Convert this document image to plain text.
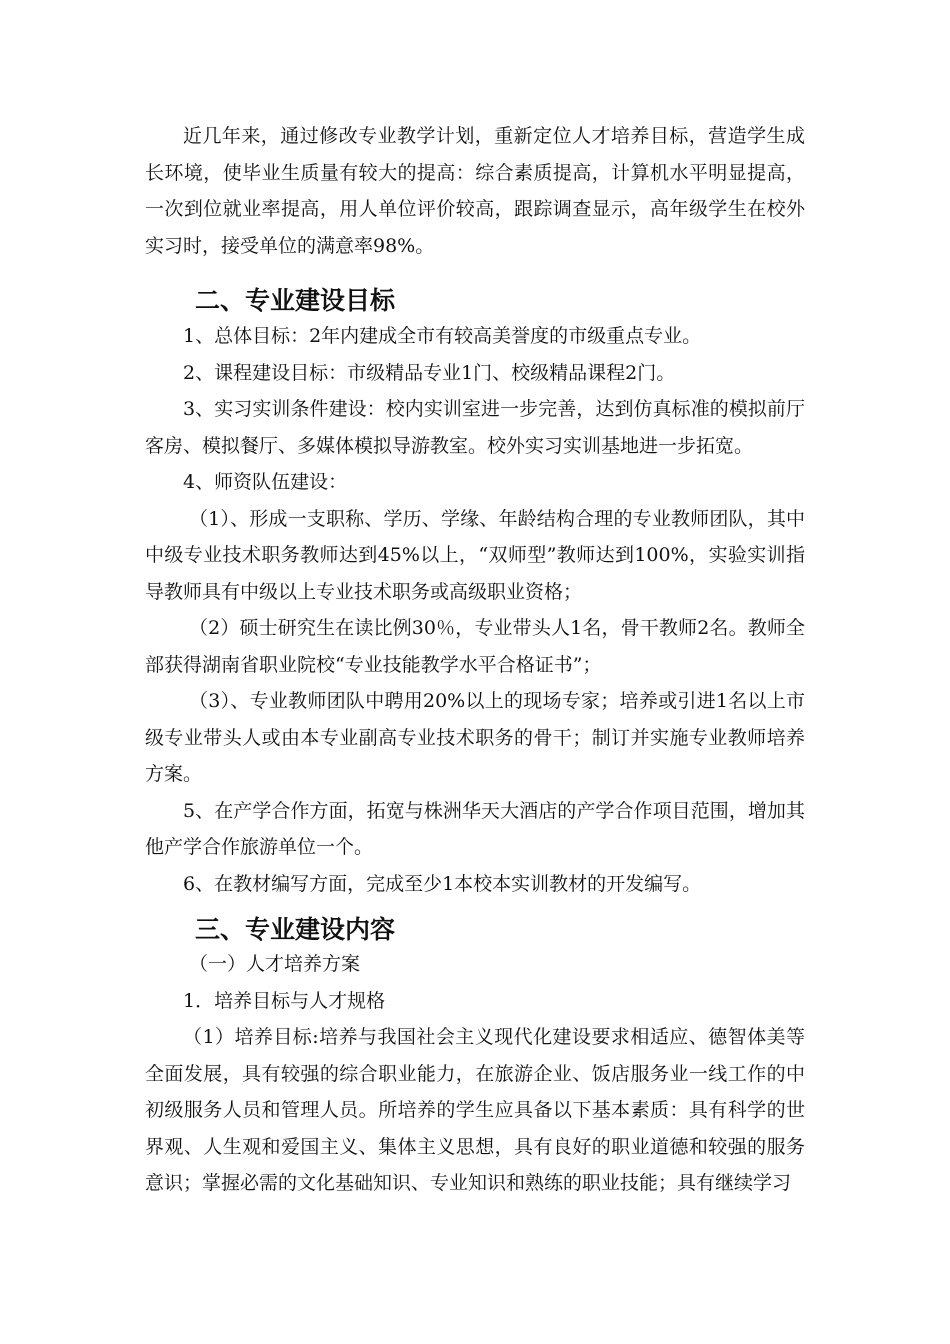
近几年来，通过修改专业教学计划，重新定位人才培养目标，营造学生成长环境，使毕业生质量有较大的提高：综合素质提高，计算机水平明显提高，一次到位就业率提高，用人单位评价较高，跟踪调查显示，高年级学生在校外实习时，接受单位的满意率98%。

二、专业建设目标

1、总体目标：2年内建成全市有较高美誉度的市级重点专业。

2、课程建设目标：市级精品专业1门、校级精品课程2门。

3、实习实训条件建设：校内实训室进一步完善，达到仿真标准的模拟前厅客房、模拟餐厅、多媒体模拟导游教室。校外实习实训基地进一步拓宽。

4、师资队伍建设：

（1）、形成一支职称、学历、学缘、年龄结构合理的专业教师团队，其中中级专业技术职务教师达到45%以上，“双师型”教师达到100%，实验实训指导教师具有中级以上专业技术职务或高级职业资格；

（2）硕士研究生在读比例30％，专业带头人1名，骨干教师2名。教师全部获得湖南省职业院校“专业技能教学水平合格证书”；

（3）、专业教师团队中聘用20%以上的现场专家；培养或引进1名以上市级专业带头人或由本专业副高专业技术职务的骨干；制订并实施专业教师培养方案。

5、在产学合作方面，拓宽与株洲华天大酒店的产学合作项目范围，增加其他产学合作旅游单位一个。

6、在教材编写方面，完成至少1本校本实训教材的开发编写。

三、专业建设内容

（一）人才培养方案

1．培养目标与人才规格

（1）培养目标:培养与我国社会主义现代化建设要求相适应、德智体美等全面发展，具有较强的综合职业能力，在旅游企业、饭店服务业一线工作的中初级服务人员和管理人员。所培养的学生应具备以下基本素质：具有科学的世界观、人生观和爱国主义、集体主义思想，具有良好的职业道德和较强的服务意识；掌握必需的文化基础知识、专业知识和熟练的职业技能；具有继续学习
